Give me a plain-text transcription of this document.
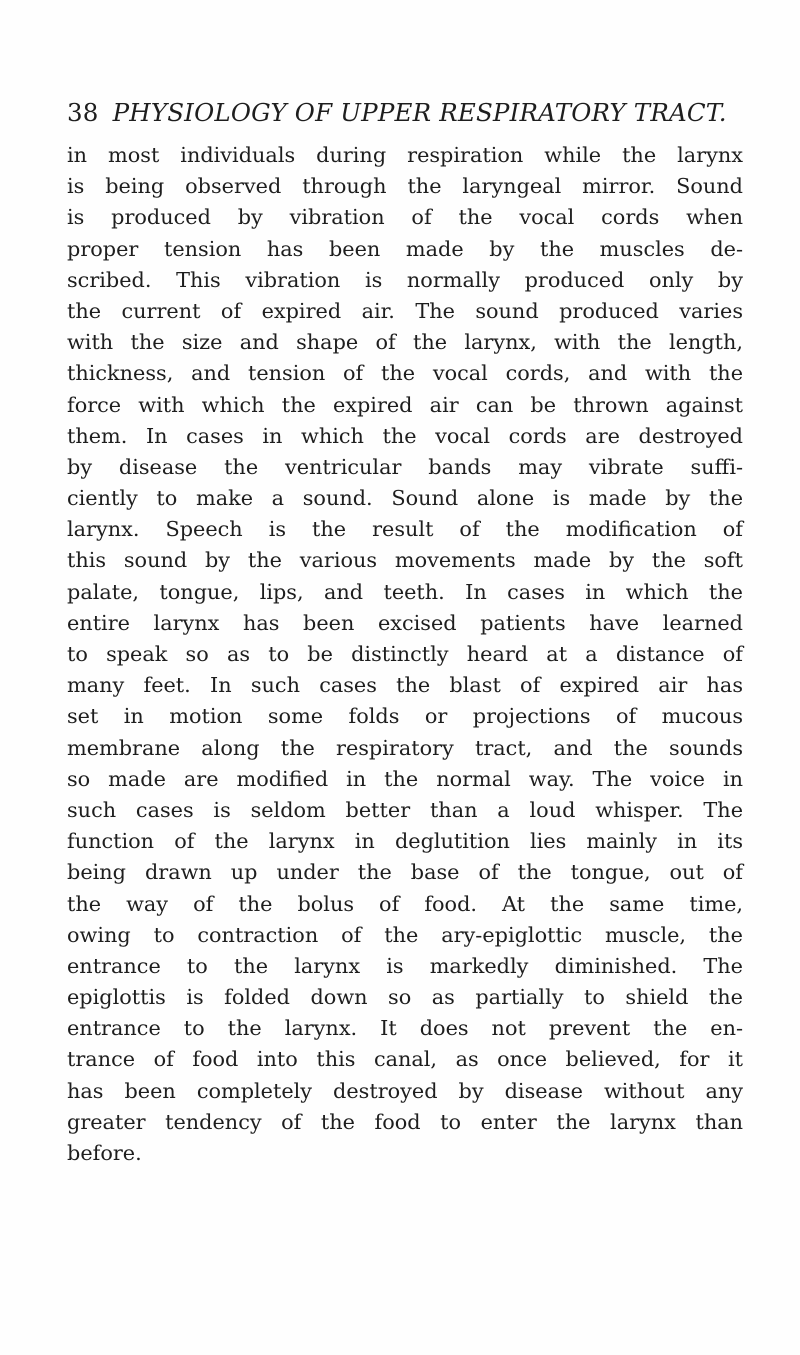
38 PHYSIOLOGY OF UPPER RESPIRATORY TRACT.
in most individuals during respiration while the larynx
is being observed through the laryngeal mirror. Sound
is produced by vibration of the vocal cords when
proper tension has been made by the muscles de-
scribed. This vibration is normally produced only by
the current of expired air. The sound produced varies
with the size and shape of the larynx, with the length,
thickness, and tension of the vocal cords, and with the
force with which the expired air can be thrown against
them. In cases in which the vocal cords are destroyed
by disease the ventricular bands may vibrate suffi-
ciently to make a sound. Sound alone is made by the
larynx. Speech is the result of the modification of
this sound by the various movements made by the soft
palate, tongue, lips, and teeth. In cases in which the
entire larynx has been excised patients have learned
to speak so as to be distinctly heard at a distance of
many feet. In such cases the blast of expired air has
set in motion some folds or projections of mucous
membrane along the respiratory tract, and the sounds
so made are modified in the normal way. The voice in
such cases is seldom better than a loud whisper. The
function of the larynx in deglutition lies mainly in its
being drawn up under the base of the tongue, out of
the way of the bolus of food. At the same time,
owing to contraction of the ary-epiglottic muscle, the
entrance to the larynx is markedly diminished. The
epiglottis is folded down so as partially to shield the
entrance to the larynx. It does not prevent the en-
trance of food into this canal, as once believed, for it
has been completely destroyed by disease without any
greater tendency of the food to enter the larynx than
before.
